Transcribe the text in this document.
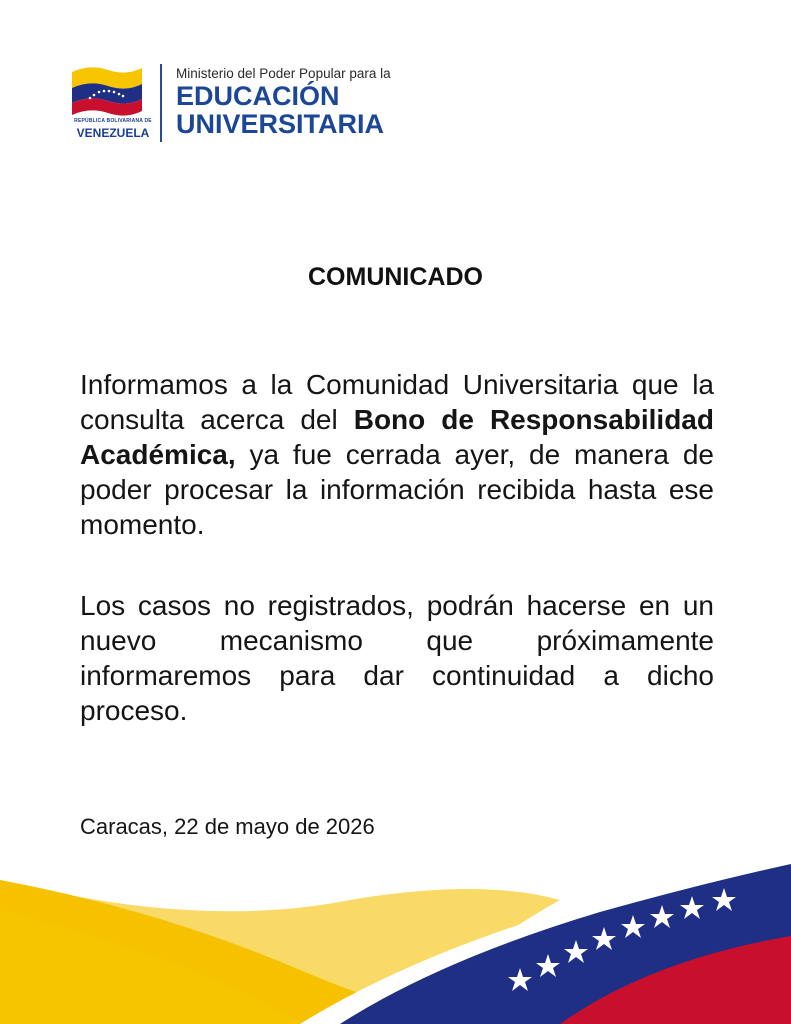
REPÚBLICA BOLIVARIANA DE
VENEZUELA
Ministerio del Poder Popular para la
EDUCACIÓN
UNIVERSITARIA
COMUNICADO
Informamos a la Comunidad Universitaria que la consulta acerca del Bono de Responsabilidad Académica, ya fue cerrada ayer, de manera de poder procesar la información recibida hasta ese momento.
Los casos no registrados, podrán hacerse en un nuevo mecanismo que próximamente informaremos para dar continuidad a dicho proceso.
Caracas, 22 de mayo de 2026
